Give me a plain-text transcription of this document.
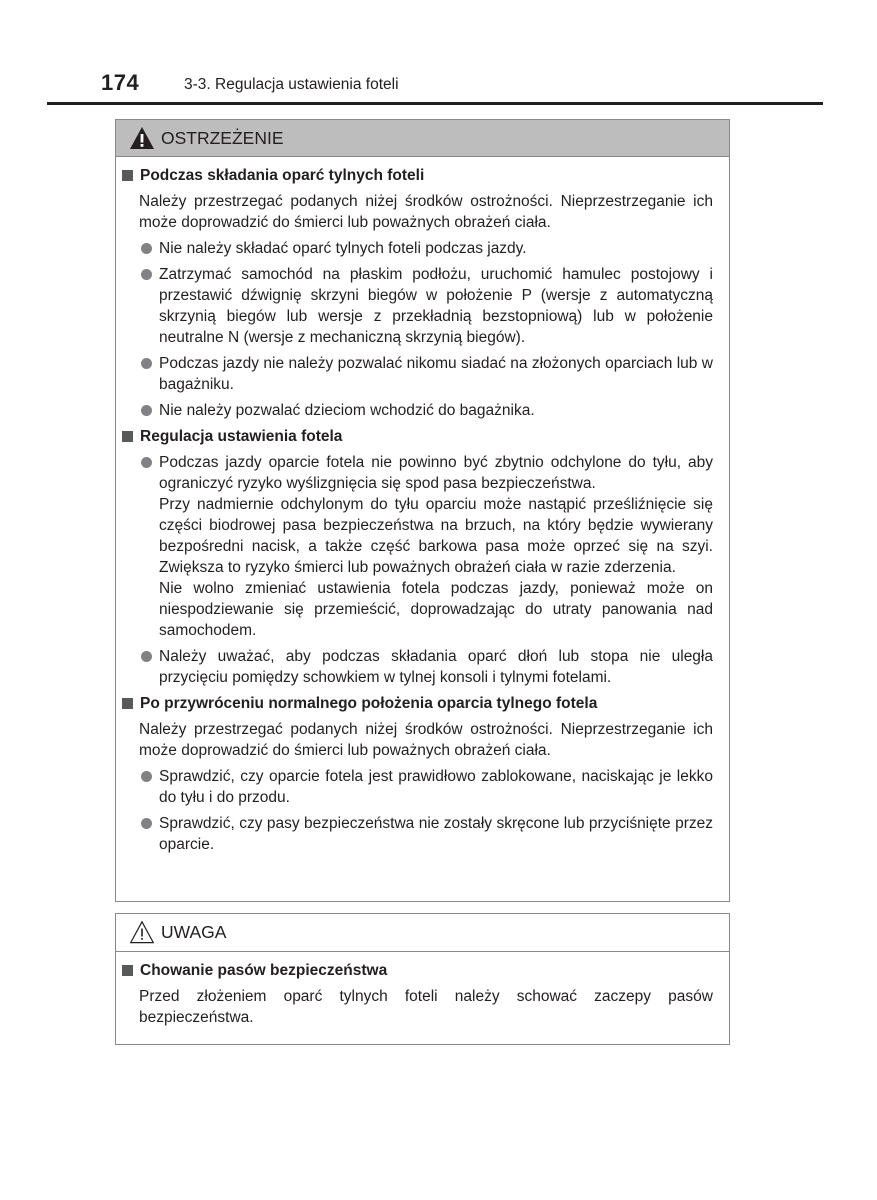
174	3-3. Regulacja ustawienia foteli
OSTRZEŻENIE
Podczas składania oparć tylnych foteli
Należy przestrzegać podanych niżej środków ostrożności. Nieprzestrzeganie ich może doprowadzić do śmierci lub poważnych obrażeń ciała.
Nie należy składać oparć tylnych foteli podczas jazdy.
Zatrzymać samochód na płaskim podłożu, uruchomić hamulec postojowy i przestawić dźwignię skrzyni biegów w położenie P (wersje z automatyczną skrzynią biegów lub wersje z przekładnią bezstopniową) lub w położenie neutralne N (wersje z mechaniczną skrzynią biegów).
Podczas jazdy nie należy pozwalać nikomu siadać na złożonych oparciach lub w bagażniku.
Nie należy pozwalać dzieciom wchodzić do bagażnika.
Regulacja ustawienia fotela
Podczas jazdy oparcie fotela nie powinno być zbytnio odchylone do tyłu, aby ograniczyć ryzyko wyślizgnięcia się spod pasa bezpieczeństwa.
Przy nadmiernie odchylonym do tyłu oparciu może nastąpić prześliźnięcie się części biodrowej pasa bezpieczeństwa na brzuch, na który będzie wywierany bezpośredni nacisk, a także część barkowa pasa może oprzeć się na szyi. Zwiększa to ryzyko śmierci lub poważnych obrażeń ciała w razie zderzenia.
Nie wolno zmieniać ustawienia fotela podczas jazdy, ponieważ może on niespodziewanie się przemieścić, doprowadzając do utraty panowania nad samochodem.
Należy uważać, aby podczas składania oparć dłoń lub stopa nie uległa przycięciu pomiędzy schowkiem w tylnej konsoli i tylnymi fotelami.
Po przywróceniu normalnego położenia oparcia tylnego fotela
Należy przestrzegać podanych niżej środków ostrożności. Nieprzestrzeganie ich może doprowadzić do śmierci lub poważnych obrażeń ciała.
Sprawdzić, czy oparcie fotela jest prawidłowo zablokowane, naciskając je lekko do tyłu i do przodu.
Sprawdzić, czy pasy bezpieczeństwa nie zostały skręcone lub przyciśnięte przez oparcie.
UWAGA
Chowanie pasów bezpieczeństwa
Przed złożeniem oparć tylnych foteli należy schować zaczepy pasów bezpieczeństwa.
